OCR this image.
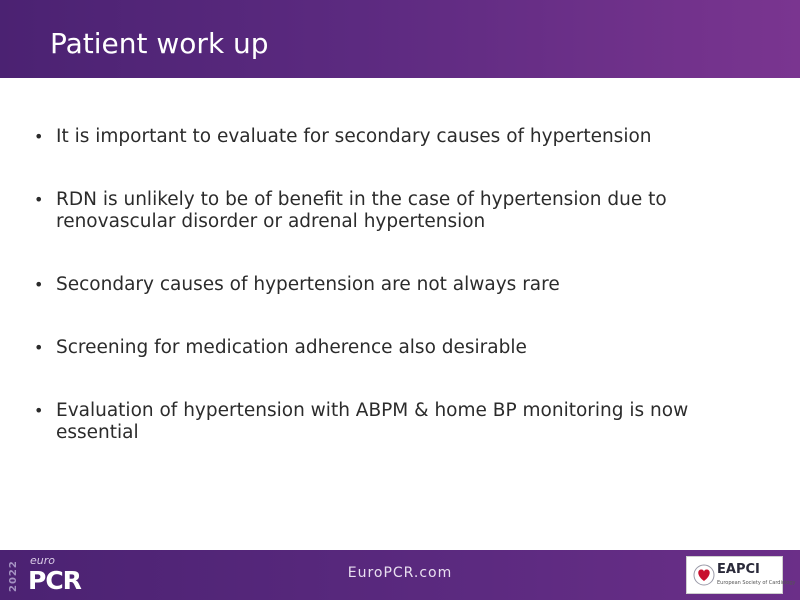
Patient work up
• It is important to evaluate for secondary causes of hypertension
• RDN is unlikely to be of benefit in the case of hypertension due to renovascular disorder or adrenal hypertension
• Secondary causes of hypertension are not always rare
• Screening for medication adherence also desirable
• Evaluation of hypertension with ABPM & home BP monitoring is now essential
2022 euro
PCR	EuroPCR.com	EAPCI
European Society of Cardiology
